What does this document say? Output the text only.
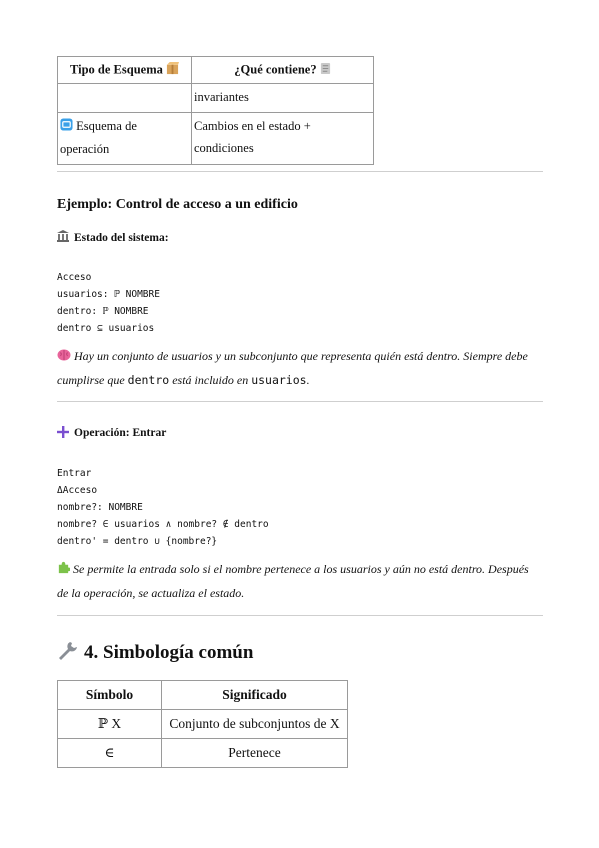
Tipo de Esquema	¿Qué contiene?
	invariantes
Esquema de operación	Cambios en el estado + condiciones
Ejemplo: Control de acceso a un edificio
Estado del sistema:
Acceso
usuarios: ℙ NOMBRE
dentro: ℙ NOMBRE
dentro ⊆ usuarios
Hay un conjunto de usuarios y un subconjunto que representa quién está dentro. Siempre debe cumplirse que dentro está incluido en usuarios.
Operación: Entrar
Entrar
ΔAcceso
nombre?: NOMBRE
nombre? ∈ usuarios ∧ nombre? ∉ dentro
dentro' = dentro ∪ {nombre?}
Se permite la entrada solo si el nombre pertenece a los usuarios y aún no está dentro. Después de la operación, se actualiza el estado.
4. Simbología común
Símbolo	Significado
ℙ X	Conjunto de subconjuntos de X
∈	Pertenece
